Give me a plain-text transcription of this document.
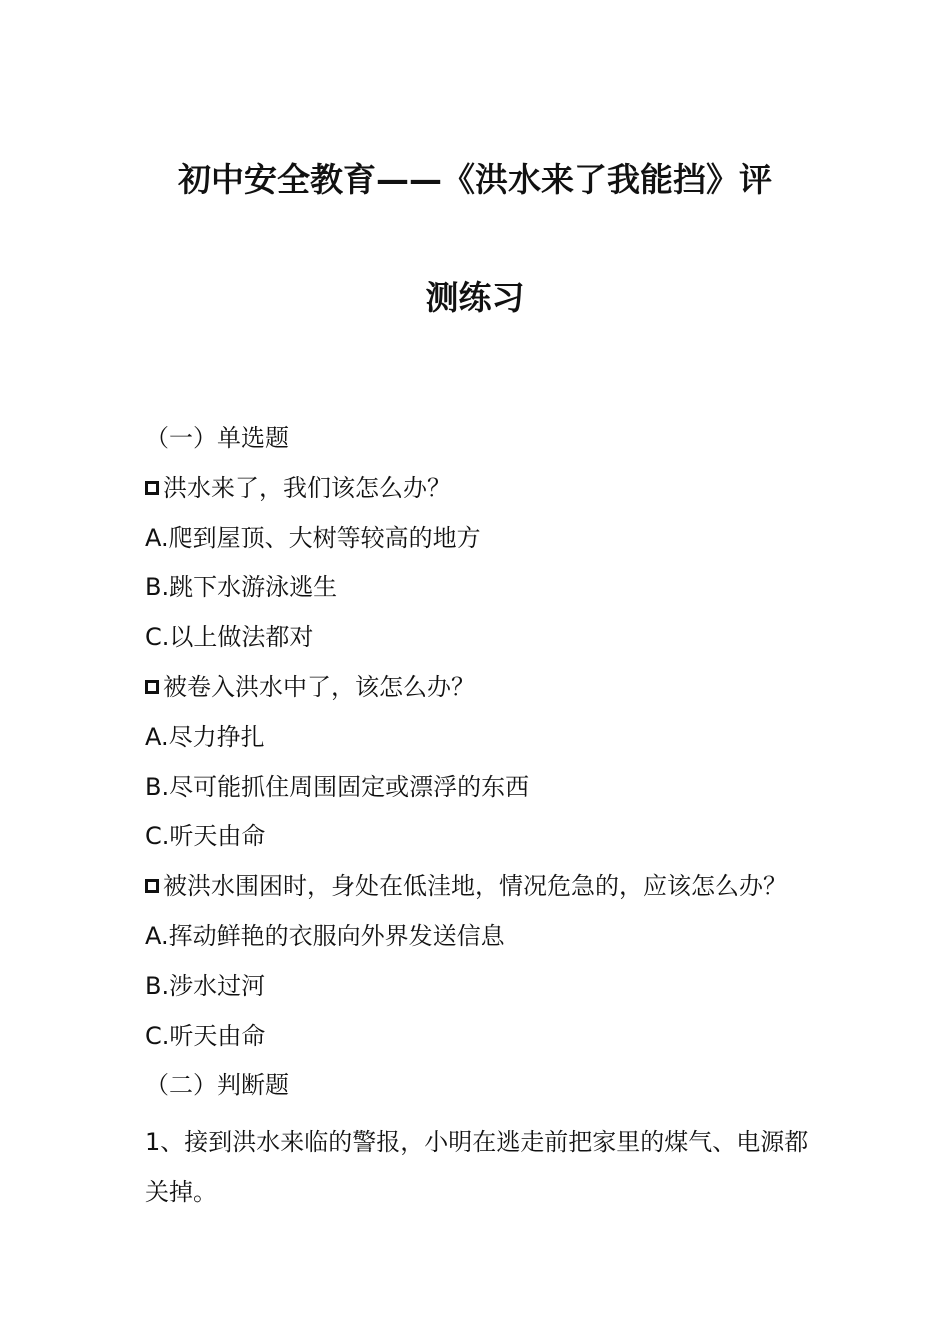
初中安全教育——《洪水来了我能挡》评
测练习
（一）单选题
洪水来了，我们该怎么办？
A.爬到屋顶、大树等较高的地方
B.跳下水游泳逃生
C.以上做法都对
被卷入洪水中了，该怎么办？
A.尽力挣扎
B.尽可能抓住周围固定或漂浮的东西
C.听天由命
被洪水围困时，身处在低洼地，情况危急的，应该怎么办？
A.挥动鲜艳的衣服向外界发送信息
B.涉水过河
C.听天由命
（二）判断题
1、接到洪水来临的警报，小明在逃走前把家里的煤气、电源都关掉。
